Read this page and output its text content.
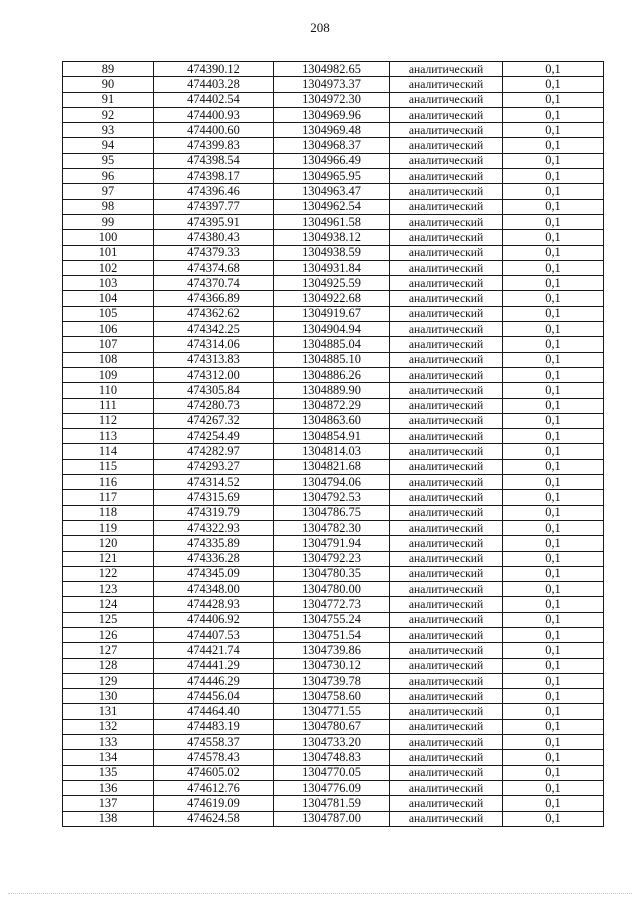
208
89	474390.12	1304982.65	аналитический	0,1
90	474403.28	1304973.37	аналитический	0,1
91	474402.54	1304972.30	аналитический	0,1
92	474400.93	1304969.96	аналитический	0,1
93	474400.60	1304969.48	аналитический	0,1
94	474399.83	1304968.37	аналитический	0,1
95	474398.54	1304966.49	аналитический	0,1
96	474398.17	1304965.95	аналитический	0,1
97	474396.46	1304963.47	аналитический	0,1
98	474397.77	1304962.54	аналитический	0,1
99	474395.91	1304961.58	аналитический	0,1
100	474380.43	1304938.12	аналитический	0,1
101	474379.33	1304938.59	аналитический	0,1
102	474374.68	1304931.84	аналитический	0,1
103	474370.74	1304925.59	аналитический	0,1
104	474366.89	1304922.68	аналитический	0,1
105	474362.62	1304919.67	аналитический	0,1
106	474342.25	1304904.94	аналитический	0,1
107	474314.06	1304885.04	аналитический	0,1
108	474313.83	1304885.10	аналитический	0,1
109	474312.00	1304886.26	аналитический	0,1
110	474305.84	1304889.90	аналитический	0,1
111	474280.73	1304872.29	аналитический	0,1
112	474267.32	1304863.60	аналитический	0,1
113	474254.49	1304854.91	аналитический	0,1
114	474282.97	1304814.03	аналитический	0,1
115	474293.27	1304821.68	аналитический	0,1
116	474314.52	1304794.06	аналитический	0,1
117	474315.69	1304792.53	аналитический	0,1
118	474319.79	1304786.75	аналитический	0,1
119	474322.93	1304782.30	аналитический	0,1
120	474335.89	1304791.94	аналитический	0,1
121	474336.28	1304792.23	аналитический	0,1
122	474345.09	1304780.35	аналитический	0,1
123	474348.00	1304780.00	аналитический	0,1
124	474428.93	1304772.73	аналитический	0,1
125	474406.92	1304755.24	аналитический	0,1
126	474407.53	1304751.54	аналитический	0,1
127	474421.74	1304739.86	аналитический	0,1
128	474441.29	1304730.12	аналитический	0,1
129	474446.29	1304739.78	аналитический	0,1
130	474456.04	1304758.60	аналитический	0,1
131	474464.40	1304771.55	аналитический	0,1
132	474483.19	1304780.67	аналитический	0,1
133	474558.37	1304733.20	аналитический	0,1
134	474578.43	1304748.83	аналитический	0,1
135	474605.02	1304770.05	аналитический	0,1
136	474612.76	1304776.09	аналитический	0,1
137	474619.09	1304781.59	аналитический	0,1
138	474624.58	1304787.00	аналитический	0,1
